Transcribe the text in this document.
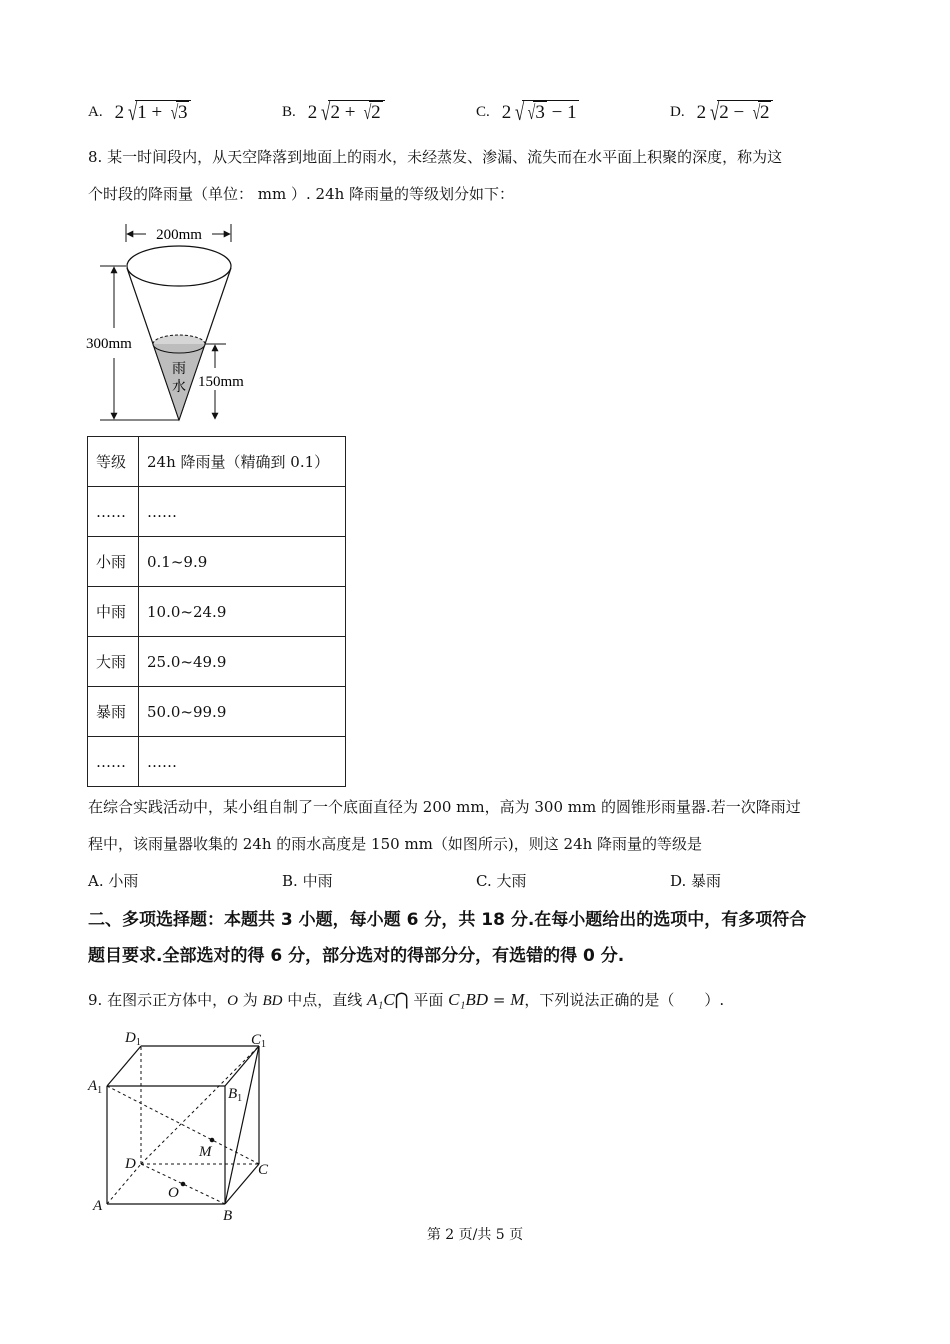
A. 2 √ 1
+
√ 3	B. 2 √ 2
+
√ 2	C. 2 √ √ 3
−
1	D. 2 √ 2
−
√ 2
8. 某一时间段内，从天空降落到地面上的雨水，未经蒸发、渗漏、流失而在水平面上积聚的深度，称为这
个时段的降雨量（单位： mm ）. 24h 降雨量的等级划分如下：
200mm
雨
水
300mm
150mm
等级	24h 降雨量（精确到 0.1）
……	……
小雨	0.1~9.9
中雨	10.0~24.9
大雨	25.0~49.9
暴雨	50.0~99.9
……	……
在综合实践活动中，某小组自制了一个底面直径为 200 mm，高为 300 mm 的圆锥形雨量器.若一次降雨过
程中，该雨量器收集的 24h 的雨水高度是 150 mm（如图所示)，则这 24h 降雨量的等级是
A. 小雨	B. 中雨	C. 大雨	D. 暴雨
二、多项选择题：本题共 3 小题，每小题 6 分，共 18 分.在每小题给出的选项中，有多项符合
题目要求.全部选对的得 6 分，部分选对的得部分分，有选错的得 0 分.
9. 在图示正方体中，O 为 BD 中点，直线 A₁C⋂ 平面 C₁BD = M，下列说法正确的是（　　）.
$D_1$	$C_1$
$A_1$	$B_1$
D	C
A
B
M
O
第 2 页/共 5 页
